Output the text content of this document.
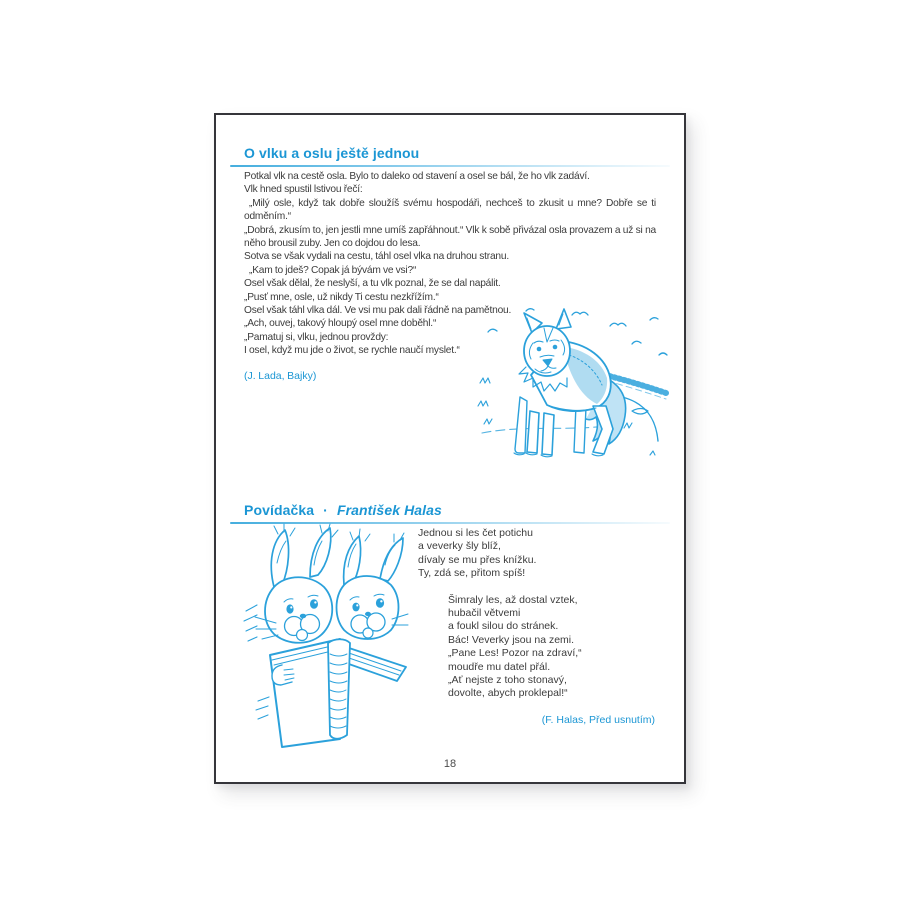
O vlku a oslu ještě jednou

Potkal vlk na cestě osla. Bylo to daleko od stavení a osel se bál, že ho vlk zadáví.

Vlk hned spustil lstivou řečí:

„Milý osle, když tak dobře sloužíš svému hospodáři, nechceš to zkusit u mne? Dobře se ti odměním.“

„Dobrá, zkusím to, jen jestli mne umíš zapřáhnout.“ Vlk k sobě přivázal osla provazem a už si na něho brousil zuby. Jen co dojdou do lesa.

Sotva se však vydali na cestu, táhl osel vlka na druhou stranu.

„Kam to jdeš? Copak já bývám ve vsi?“

Osel však dělal, že neslyší, a tu vlk poznal, že se dal napálit.

„Pusť mne, osle, už nikdy Ti cestu nezkřížím.“

Osel však táhl vlka dál. Ve vsi mu pak dali řádně na pamětnou.

„Ach, ouvej, takový hloupý osel mne doběhl.“

„Pamatuj si, vlku, jednou provždy:

I osel, když mu jde o život, se rychle naučí myslet.“

(J. Lada, Bajky)
Povídačka · František Halas
Jednou si les čet potichu
a veverky šly blíž,
dívaly se mu přes knížku.
Ty, zdá se, přitom spíš!
Šimraly les, až dostal vztek,
hubačil větvemi
a foukl silou do stránek.
Bác! Veverky jsou na zemi.
„Pane Les! Pozor na zdraví,“
moudře mu datel přál.
„Ať nejste z toho stonavý,
dovolte, abych proklepal!“
(F. Halas, Před usnutím)
18
